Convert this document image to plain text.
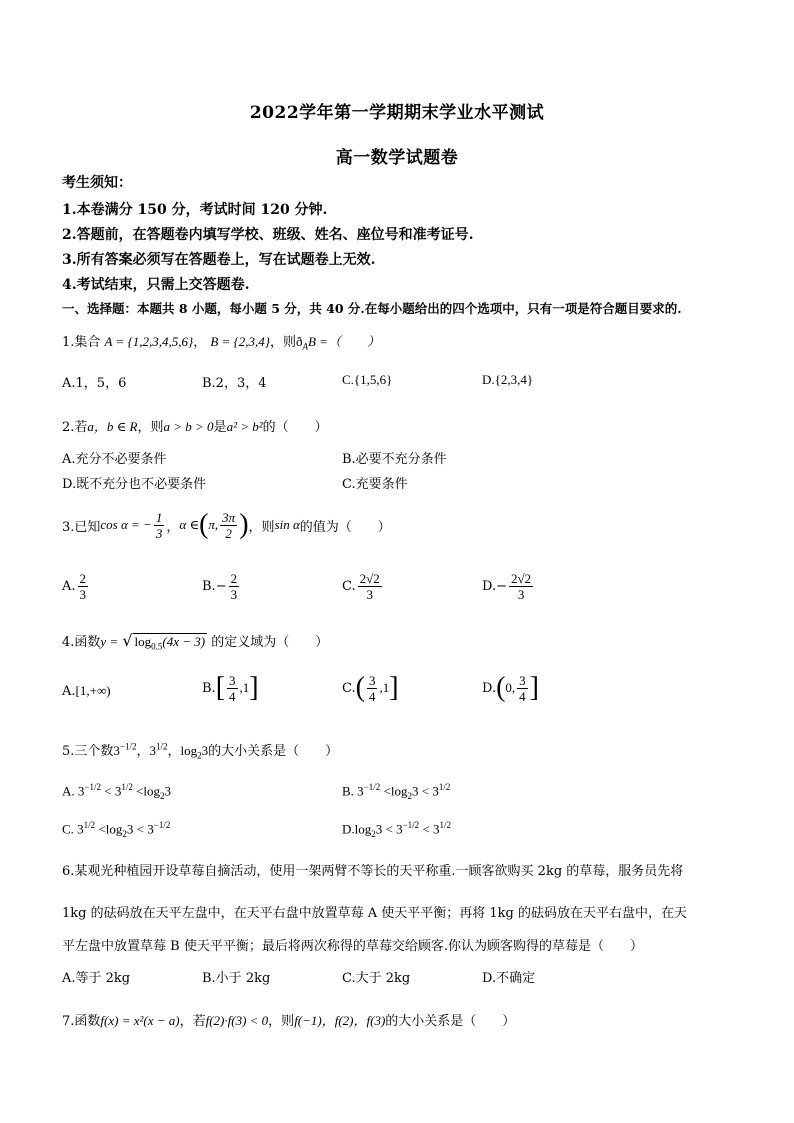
2022学年第一学期期末学业水平测试
高一数学试题卷
考生须知：
1.本卷满分 150 分，考试时间 120 分钟.
2.答题前，在答题卷内填写学校、班级、姓名、座位号和准考证号.
3.所有答案必须写在答题卷上，写在试题卷上无效.
4.考试结束，只需上交答题卷.
一、选择题：本题共 8 小题，每小题 5 分，共 40 分.在每小题给出的四个选项中，只有一项是符合题目要求的.
1.集合 A = {1,2,3,4,5,6}， B = {2,3,4}，则$ð_AB$ =（　　）
A.1，5，6	B.2，3，4	C.{1,5,6}	D.{2,3,4}
2.若a，b ∈ R，则a > b > 0是a² > b²的（　　）
A.充分不必要条件	B.必要不充分条件
D.既不充分也不必要条件	C.充要条件
3.已知 cos α = − $\frac{1}{3}$ ， α ∈ ( π, $\frac{3\pi}{2}$ ) ，则 sin α 的值为（　　）
A. $\frac{2}{3}$	B. − $\frac{2}{3}$	C. $\frac{2√2}{3}$	D. − $\frac{2√2}{3}$
4.函数y = √ $\log_{0.5}(4x - 3)$ 的定义域为（　　）
A.[1,+∞)	B. [ $\frac{3}{4} ,1$ ]	C. ( $\frac{3}{4} ,1$ ]	D. ( 0, $\frac{3}{4}$ ]
5.三个数$3^{-1/2}$，$3^{1/2}$，$\log_23$的大小关系是（　　）
A. $3^{-1/2} < 3^{1/2} <\log_23$	B. $3^{-1/2} <\log_23 < 3^{1/2}$
C. $3^{1/2} <\log_23 < 3^{-1/2}$	$D.\log_23 < 3^{-1/2} < 3^{1/2}$
6.某观光种植园开设草莓自摘活动，使用一架两臂不等长的天平称重.一顾客欲购买 2kg 的草莓，服务员先将
1kg 的砝码放在天平左盘中，在天平右盘中放置草莓 A 使天平平衡；再将 1kg 的砝码放在天平右盘中，在天
平左盘中放置草莓 B 使天平平衡；最后将两次称得的草莓交给顾客.你认为顾客购得的草莓是（　　）
A.等于 2kg	B.小于 2kg	C.大于 2kg	D.不确定
7.函数f(x) = x²(x − a)，若f(2)·f(3) < 0，则f(−1)，f(2)，f(3)的大小关系是（　　）
